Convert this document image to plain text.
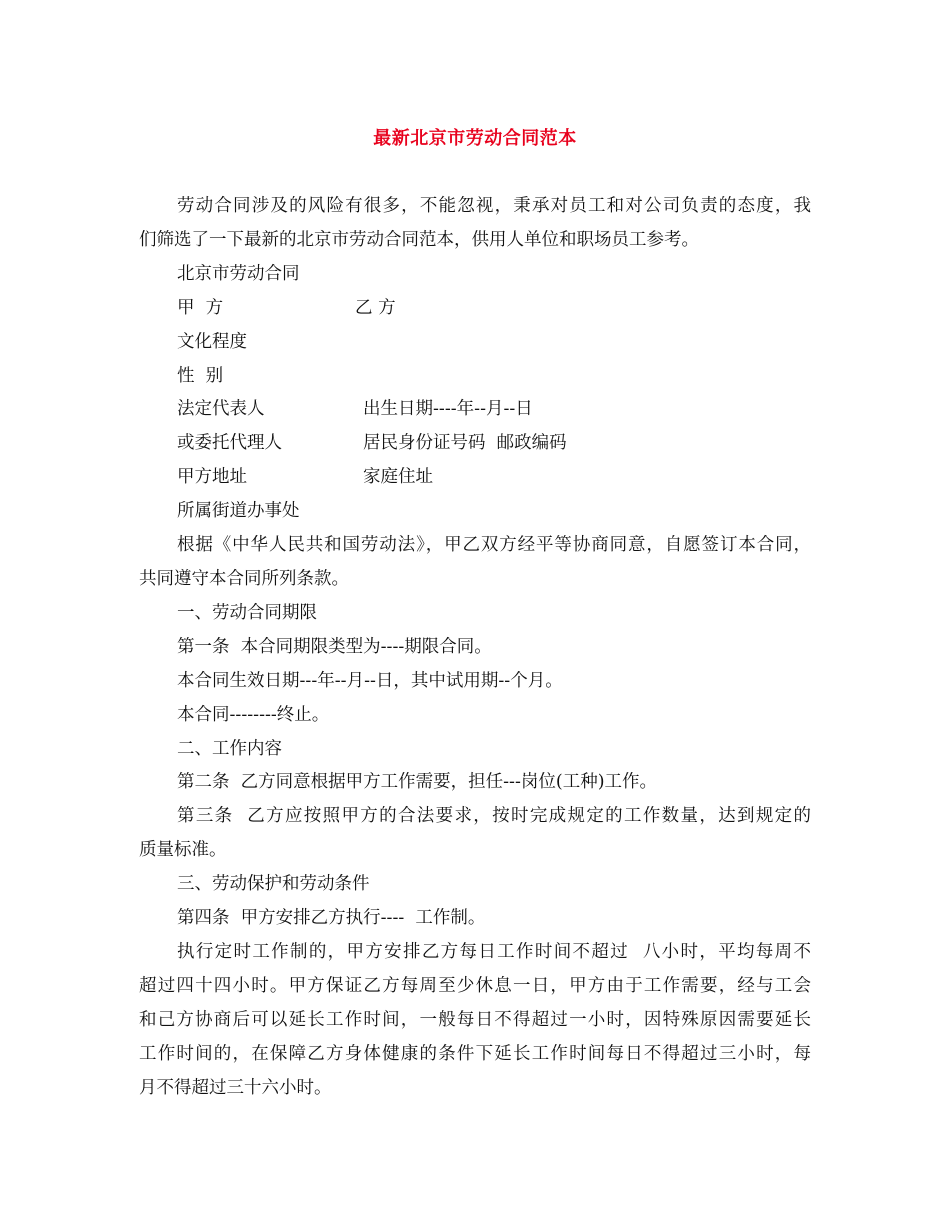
最新北京市劳动合同范本
劳动合同涉及的风险有很多，不能忽视，秉承对员工和对公司负责的态度，我
们筛选了一下最新的北京市劳动合同范本，供用人单位和职场员工参考。
北京市劳动合同
甲  方	乙 方
文化程度
性  别
法定代表人	出生日期----年--月--日
或委托代理人	居民身份证号码  邮政编码
甲方地址	家庭住址
所属街道办事处
根据《中华人民共和国劳动法》，甲乙双方经平等协商同意，自愿签订本合同，
共同遵守本合同所列条款。
一、劳动合同期限
第一条  本合同期限类型为----期限合同。
本合同生效日期---年--月--日，其中试用期--个月。
本合同--------终止。
二、工作内容
第二条  乙方同意根据甲方工作需要，担任---岗位(工种)工作。
第三条  乙方应按照甲方的合法要求，按时完成规定的工作数量，达到规定的
质量标准。
三、劳动保护和劳动条件
第四条  甲方安排乙方执行----  工作制。
执行定时工作制的，甲方安排乙方每日工作时间不超过  八小时，平均每周不
超过四十四小时。甲方保证乙方每周至少休息一日，甲方由于工作需要，经与工会
和己方协商后可以延长工作时间，一般每日不得超过一小时，因特殊原因需要延长
工作时间的，在保障乙方身体健康的条件下延长工作时间每日不得超过三小时，每
月不得超过三十六小时。
